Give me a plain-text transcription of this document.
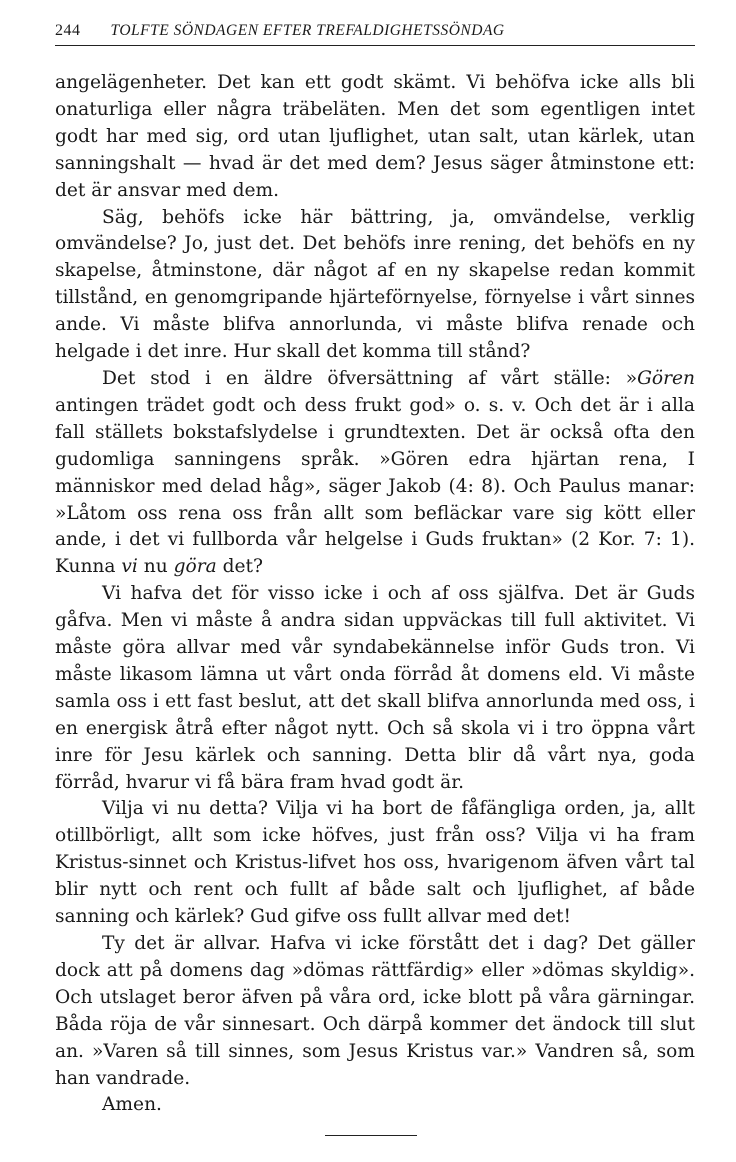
244 TOLFTE SÖNDAGEN EFTER TREFALDIGHETSSÖNDAG

angelägenheter. Det kan ett godt skämt. Vi behöfva icke alls bli onaturliga eller några träbeläten. Men det som egentligen intet godt har med sig, ord utan ljuflighet, utan salt, utan kärlek, utan sanningshalt — hvad är det med dem? Jesus säger åtminstone ett: det är ansvar med dem.

Säg, behöfs icke här bättring, ja, omvändelse, verklig omvändelse? Jo, just det. Det behöfs inre rening, det behöfs en ny skapelse, åtminstone, där något af en ny skapelse redan kommit tillstånd, en genomgripande hjärteförnyelse, förnyelse i vårt sinnes ande. Vi måste blifva annorlunda, vi måste blifva renade och helgade i det inre. Hur skall det komma till stånd?

Det stod i en äldre öfversättning af vårt ställe: »Gören antingen trädet godt och dess frukt god» o. s. v. Och det är i alla fall ställets bokstafslydelse i grundtexten. Det är också ofta den gudomliga sanningens språk. »Gören edra hjärtan rena, I människor med delad håg», säger Jakob (4: 8). Och Paulus manar: »Låtom oss rena oss från allt som befläckar vare sig kött eller ande, i det vi fullborda vår helgelse i Guds fruktan» (2 Kor. 7: 1). Kunna vi nu göra det?

Vi hafva det för visso icke i och af oss själfva. Det är Guds gåfva. Men vi måste å andra sidan uppväckas till full aktivitet. Vi måste göra allvar med vår syndabekännelse inför Guds tron. Vi måste likasom lämna ut vårt onda förråd åt domens eld. Vi måste samla oss i ett fast beslut, att det skall blifva annorlunda med oss, i en energisk åtrå efter något nytt. Och så skola vi i tro öppna vårt inre för Jesu kärlek och sanning. Detta blir då vårt nya, goda förråd, hvarur vi få bära fram hvad godt är.

Vilja vi nu detta? Vilja vi ha bort de fåfängliga orden, ja, allt otillbörligt, allt som icke höfves, just från oss? Vilja vi ha fram Kristus-sinnet och Kristus-lifvet hos oss, hvarigenom äfven vårt tal blir nytt och rent och fullt af både salt och ljuflighet, af både sanning och kärlek? Gud gifve oss fullt allvar med det!

Ty det är allvar. Hafva vi icke förstått det i dag? Det gäller dock att på domens dag »dömas rättfärdig» eller »dömas skyldig». Och utslaget beror äfven på våra ord, icke blott på våra gärningar. Båda röja de vår sinnesart. Och därpå kommer det ändock till slut an. »Varen så till sinnes, som Jesus Kristus var.» Vandren så, som han vandrade.

Amen.
